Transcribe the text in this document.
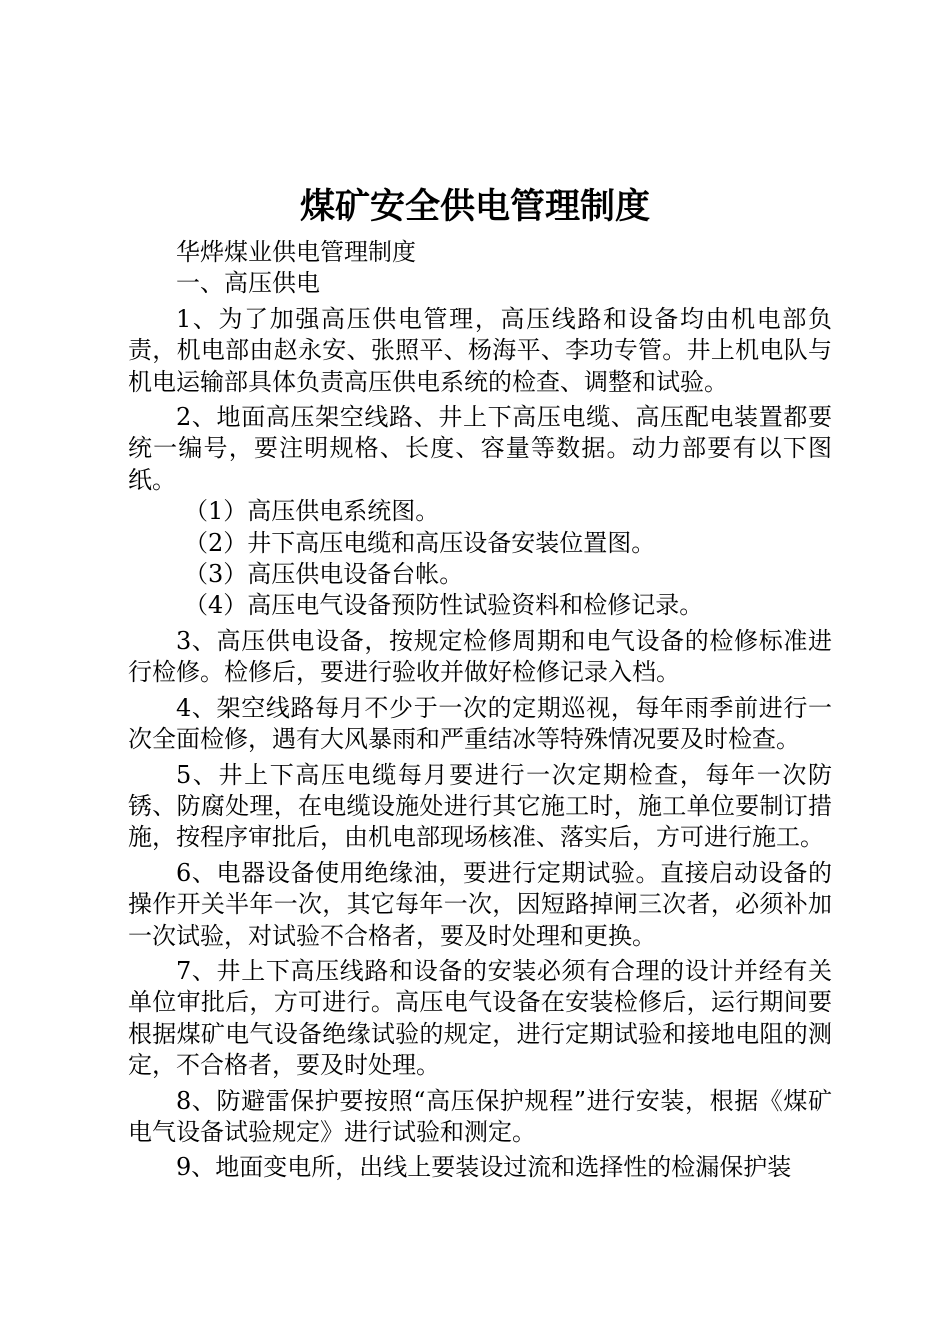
煤矿安全供电管理制度

华烨煤业供电管理制度

一、高压供电

1、为了加强高压供电管理，高压线路和设备均由机电部负责，机电部由赵永安、张照平、杨海平、李功专管。井上机电队与机电运输部具体负责高压供电系统的检查、调整和试验。

2、地面高压架空线路、井上下高压电缆、高压配电装置都要统一编号，要注明规格、长度、容量等数据。动力部要有以下图纸。

（1）高压供电系统图。

（2）井下高压电缆和高压设备安装位置图。

（3）高压供电设备台帐。

（4）高压电气设备预防性试验资料和检修记录。

3、高压供电设备，按规定检修周期和电气设备的检修标准进行检修。检修后，要进行验收并做好检修记录入档。

4、架空线路每月不少于一次的定期巡视，每年雨季前进行一次全面检修，遇有大风暴雨和严重结冰等特殊情况要及时检查。

5、井上下高压电缆每月要进行一次定期检查，每年一次防锈、防腐处理，在电缆设施处进行其它施工时，施工单位要制订措施，按程序审批后，由机电部现场核准、落实后，方可进行施工。

6、电器设备使用绝缘油，要进行定期试验。直接启动设备的操作开关半年一次，其它每年一次，因短路掉闸三次者，必须补加一次试验，对试验不合格者，要及时处理和更换。

7、井上下高压线路和设备的安装必须有合理的设计并经有关单位审批后，方可进行。高压电气设备在安装检修后，运行期间要根据煤矿电气设备绝缘试验的规定，进行定期试验和接地电阻的测定，不合格者，要及时处理。

8、防避雷保护要按照“高压保护规程”进行安装，根据《煤矿电气设备试验规定》进行试验和测定。

9、地面变电所，出线上要装设过流和选择性的检漏保护装
